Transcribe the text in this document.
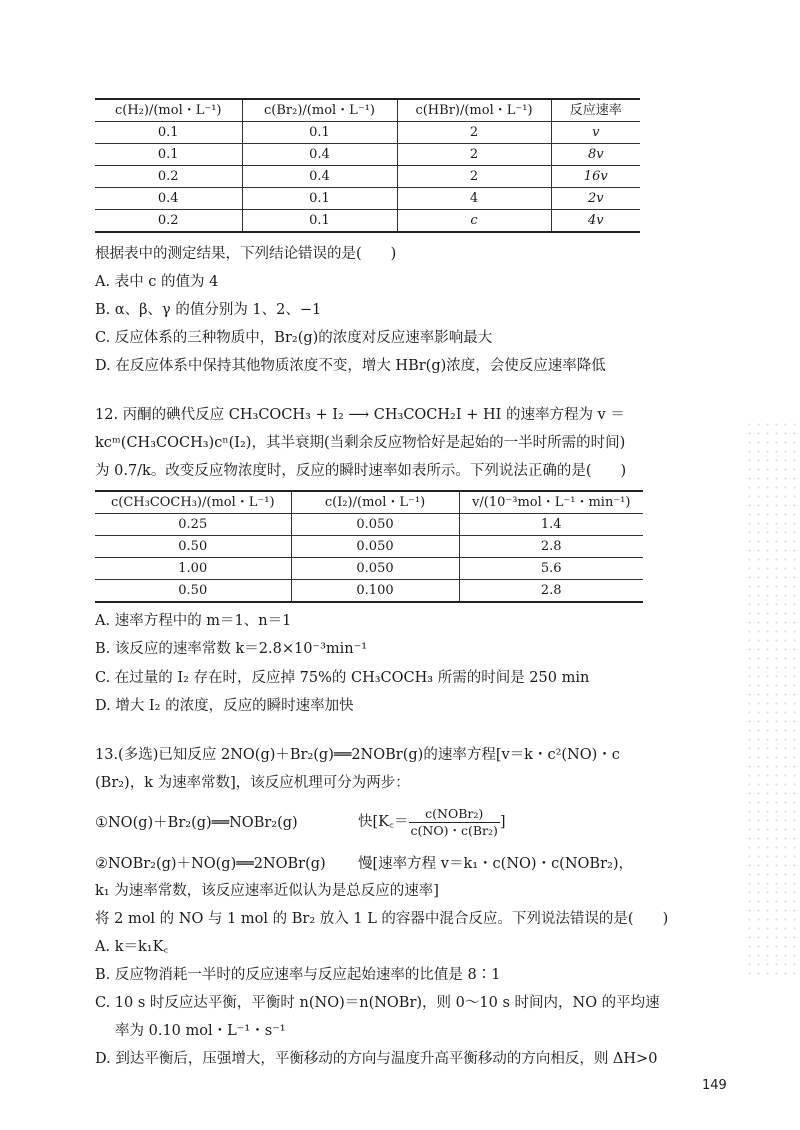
c(H₂)/(mol・L⁻¹)	c(Br₂)/(mol・L⁻¹)	c(HBr)/(mol・L⁻¹)	反应速率
0.1	0.1	2	v
0.1	0.4	2	8v
0.2	0.4	2	16v
0.4	0.1	4	2v
0.2	0.1	c	4v
根据表中的测定结果，下列结论错误的是(　　)
A. 表中 c 的值为 4
B. α、β、γ 的值分别为 1、2、−1
C. 反应体系的三种物质中，Br₂(g)的浓度对反应速率影响最大
D. 在反应体系中保持其他物质浓度不变，增大 HBr(g)浓度，会使反应速率降低
12. 丙酮的碘代反应 CH₃COCH₃ + I₂ ⟶ CH₃COCH₂I + HI 的速率方程为 v ＝
kcᵐ(CH₃COCH₃)cⁿ(I₂)，其半衰期(当剩余反应物恰好是起始的一半时所需的时间)
为 0.7/k。改变反应物浓度时，反应的瞬时速率如表所示。下列说法正确的是(　　)
c(CH₃COCH₃)/(mol・L⁻¹)	c(I₂)/(mol・L⁻¹)	v/(10⁻³mol・L⁻¹・min⁻¹)
0.25	0.050	1.4
0.50	0.050	2.8
1.00	0.050	5.6
0.50	0.100	2.8
A. 速率方程中的 m＝1、n＝1
B. 该反应的速率常数 k＝2.8×10⁻³min⁻¹
C. 在过量的 I₂ 存在时，反应掉 75%的 CH₃COCH₃ 所需的时间是 250 min
D. 增大 I₂ 的浓度，反应的瞬时速率加快
13.(多选)已知反应 2NO(g)＋Br₂(g)══2NOBr(g)的速率方程[v＝k・c²(NO)・c
(Br₂)，k 为速率常数]，该反应机理可分为两步：
①NO(g)＋Br₂(g)══NOBr₂(g)	快[K꜀＝ $\frac{\text{c(NOBr₂)}}{\text{c(NO)・c(Br₂)}}$ ]
②NOBr₂(g)＋NO(g)══2NOBr(g) 慢[速率方程 v＝k₁・c(NO)・c(NOBr₂)，
k₁ 为速率常数，该反应速率近似认为是总反应的速率]
将 2 mol 的 NO 与 1 mol 的 Br₂ 放入 1 L 的容器中混合反应。下列说法错误的是(　　)
A. k＝k₁K꜀
B. 反应物消耗一半时的反应速率与反应起始速率的比值是 8∶1
C. 10 s 时反应达平衡，平衡时 n(NO)＝n(NOBr)，则 0～10 s 时间内，NO 的平均速
率为 0.10 mol・L⁻¹・s⁻¹
D. 到达平衡后，压强增大，平衡移动的方向与温度升高平衡移动的方向相反，则 ΔH>0
149
